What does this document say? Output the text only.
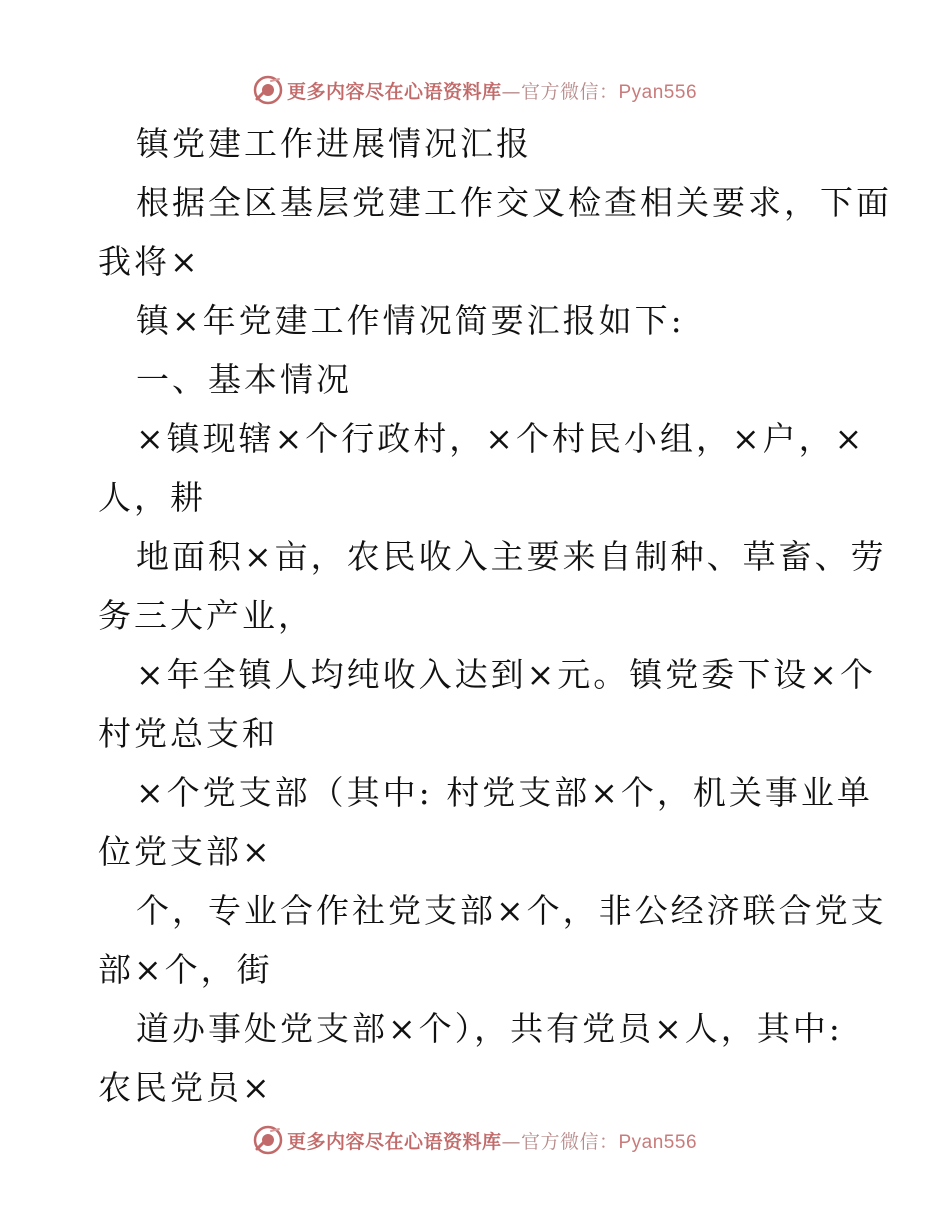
更多内容尽在心语资料库—官方微信：Pyan556
镇党建工作进展情况汇报
根据全区基层党建工作交叉检查相关要求，下面
我将×
镇×年党建工作情况简要汇报如下:
一、基本情况
×镇现辖×个行政村，×个村民小组，×户，×
人，耕
地面积×亩，农民收入主要来自制种、草畜、劳
务三大产业，
×年全镇人均纯收入达到×元。镇党委下设×个
村党总支和
×个党支部（其中: 村党支部×个，机关事业单
位党支部×
个，专业合作社党支部×个，非公经济联合党支
部×个，街
道办事处党支部×个），共有党员×人，其中:
农民党员×
更多内容尽在心语资料库—官方微信：Pyan556
